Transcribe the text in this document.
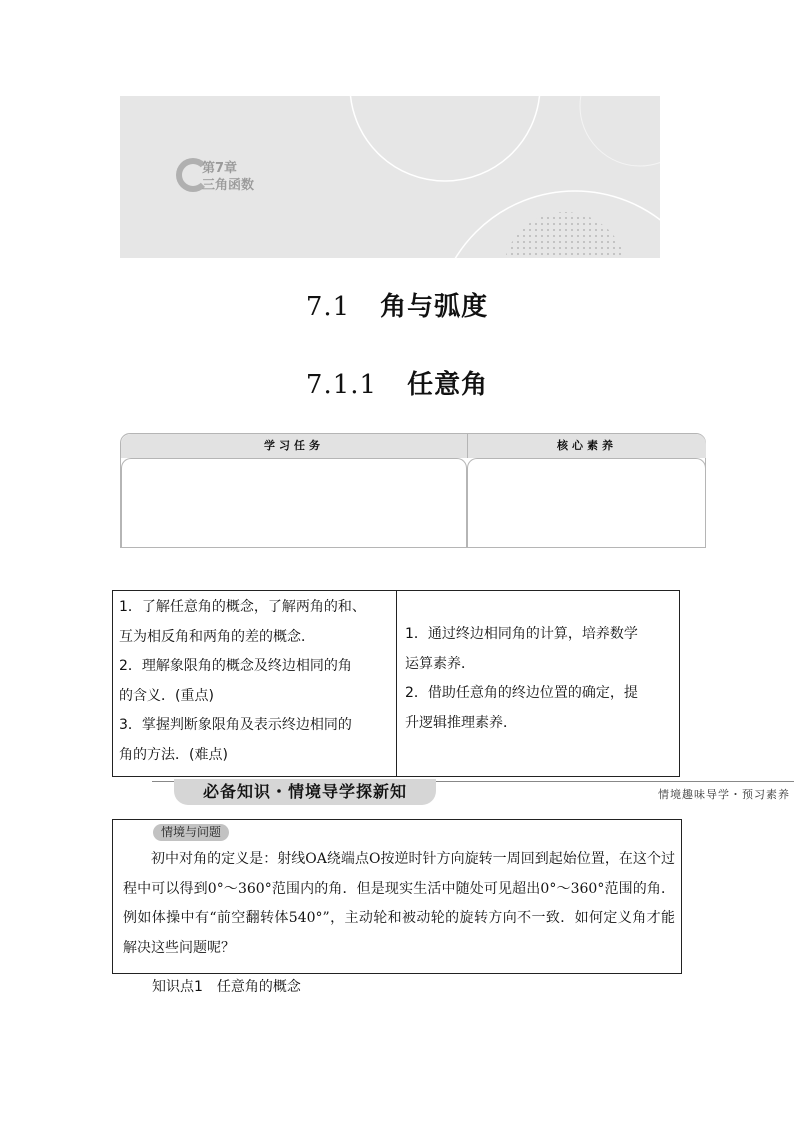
第7章
三角函数
7.1 角与弧度
7.1.1 任意角
学习任务	核心素养
1．了解任意角的概念，了解两角的和、
互为相反角和两角的差的概念．
2．理解象限角的概念及终边相同的角
的含义．(重点)
3．掌握判断象限角及表示终边相同的
角的方法．(难点)
1．通过终边相同角的计算，培养数学
运算素养．
2．借助任意角的终边位置的确定，提
升逻辑推理素养．
必备知识・情境导学探新知	情境趣味导学・预习素养
情境与问题
初中对角的定义是：射线OA绕端点O按逆时针方向旋转一周回到起始位置，在这个过程中可以得到0°～360°范围内的角．但是现实生活中随处可见超出0°～360°范围的角．例如体操中有“前空翻转体540°”，主动轮和被动轮的旋转方向不一致．如何定义角才能解决这些问题呢？
知识点1 任意角的概念
